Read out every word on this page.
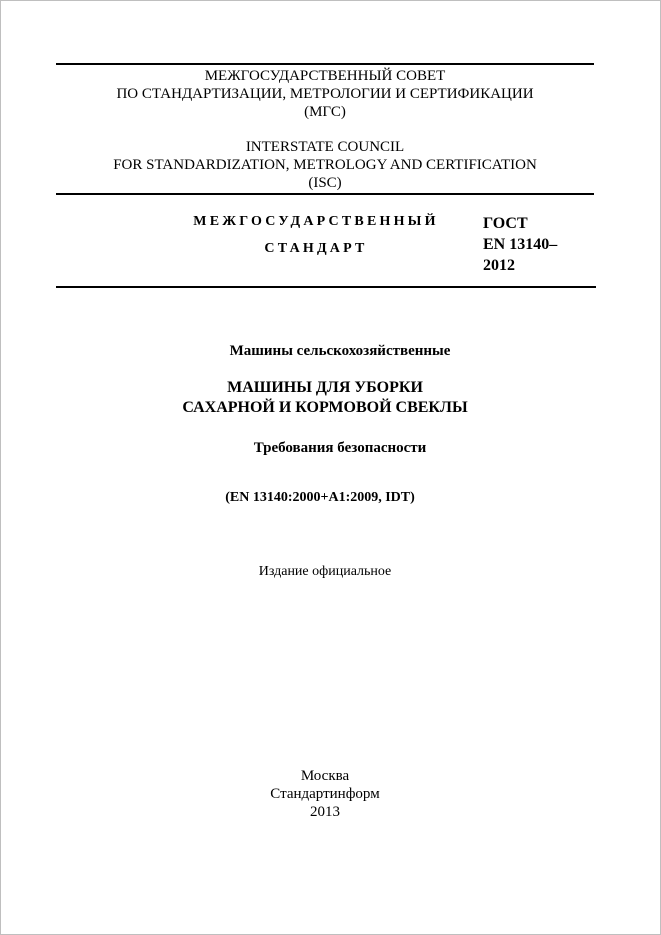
МЕЖГОСУДАРСТВЕННЫЙ СОВЕТ
ПО СТАНДАРТИЗАЦИИ, МЕТРОЛОГИИ И СЕРТИФИКАЦИИ
(МГС)
INTERSTATE COUNCIL
FOR STANDARDIZATION, METROLOGY AND CERTIFICATION
(ISC)
МЕЖГОСУДАРСТВЕННЫЙ
СТАНДАРТ
ГОСТ
EN 13140–
2012
Машины сельскохозяйственные
МАШИНЫ ДЛЯ УБОРКИ
САХАРНОЙ И КОРМОВОЙ СВЕКЛЫ
Требования безопасности
(EN 13140:2000+A1:2009, IDT)
Издание официальное
Москва
Стандартинформ
2013
